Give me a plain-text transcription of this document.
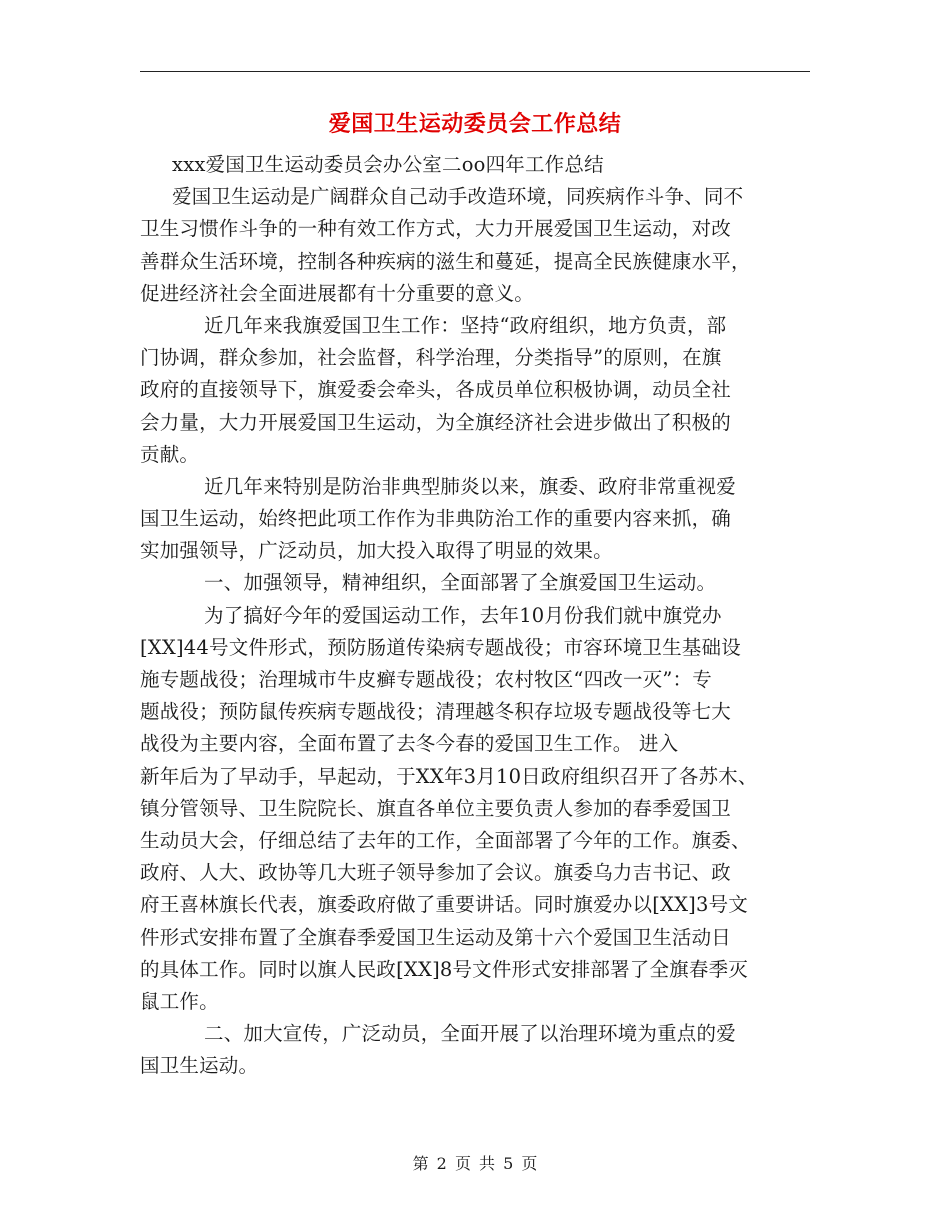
爱国卫生运动委员会工作总结
xxx爱国卫生运动委员会办公室二oo四年工作总结
爱国卫生运动是广阔群众自己动手改造环境，同疾病作斗争、同不
卫生习惯作斗争的一种有效工作方式，大力开展爱国卫生运动，对改
善群众生活环境，控制各种疾病的滋生和蔓延，提高全民族健康水平，
促进经济社会全面进展都有十分重要的意义。
近几年来我旗爱国卫生工作：坚持“政府组织，地方负责，部
门协调，群众参加，社会监督，科学治理，分类指导”的原则，在旗
政府的直接领导下，旗爱委会牵头，各成员单位积极协调，动员全社
会力量，大力开展爱国卫生运动，为全旗经济社会进步做出了积极的
贡献。
近几年来特别是防治非典型肺炎以来，旗委、政府非常重视爱
国卫生运动，始终把此项工作作为非典防治工作的重要内容来抓，确
实加强领导，广泛动员，加大投入取得了明显的效果。
一、加强领导，精神组织，全面部署了全旗爱国卫生运动。
为了搞好今年的爱国运动工作，去年10月份我们就中旗党办
[XX]44号文件形式，预防肠道传染病专题战役；市容环境卫生基础设
施专题战役；治理城市牛皮癣专题战役；农村牧区“四改一灭”：专
题战役；预防鼠传疾病专题战役；清理越冬积存垃圾专题战役等七大
战役为主要内容，全面布置了去冬今春的爱国卫生工作。 进入
新年后为了早动手，早起动，于XX年3月10日政府组织召开了各苏木、
镇分管领导、卫生院院长、旗直各单位主要负责人参加的春季爱国卫
生动员大会，仔细总结了去年的工作，全面部署了今年的工作。旗委、
政府、人大、政协等几大班子领导参加了会议。旗委乌力吉书记、政
府王喜林旗长代表，旗委政府做了重要讲话。同时旗爱办以[XX]3号文
件形式安排布置了全旗春季爱国卫生运动及第十六个爱国卫生活动日
的具体工作。同时以旗人民政[XX]8号文件形式安排部署了全旗春季灭
鼠工作。
二、加大宣传，广泛动员，全面开展了以治理环境为重点的爱
国卫生运动。
第 2 页 共 5 页
